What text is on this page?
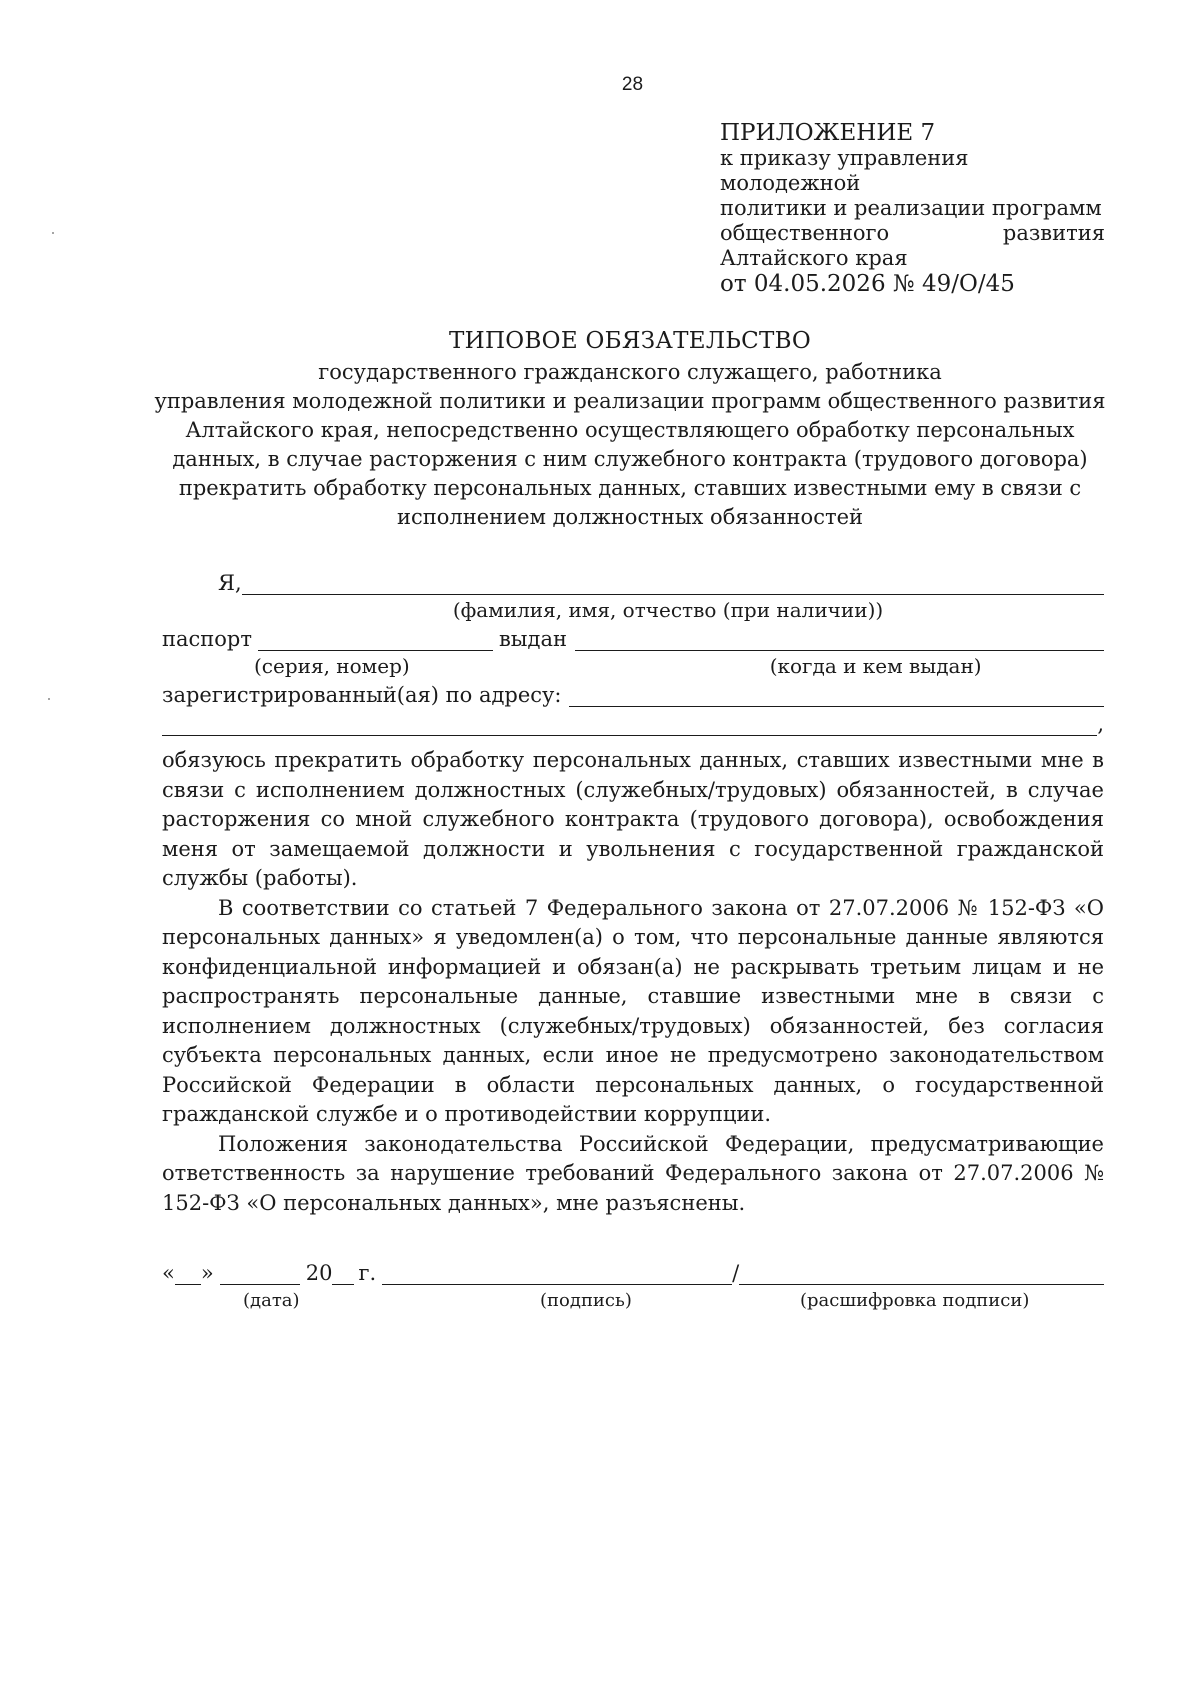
28
ПРИЛОЖЕНИЕ 7
к приказу управления молодежной
политики и реализации программ
общественного	развития
Алтайского края
от 04.05.2026 № 49/О/45
ТИПОВОЕ ОБЯЗАТЕЛЬСТВО
государственного гражданского служащего, работника
управления молодежной политики и реализации программ общественного развития
Алтайского края, непосредственно осуществляющего обработку персональных
данных, в случае расторжения с ним служебного контракта (трудового договора)
прекратить обработку персональных данных, ставших известными ему в связи с
исполнением должностных обязанностей
Я,
(фамилия, имя, отчество (при наличии))
паспорт	выдан
(серия, номер)	(когда и кем выдан)
зарегистрированный(ая) по адресу:
,

обязуюсь прекратить обработку персональных данных, ставших известными мне в связи с исполнением должностных (служебных/трудовых) обязанностей, в случае расторжения со мной служебного контракта (трудового договора), освобождения меня от замещаемой должности и увольнения с государственной гражданской службы (работы).

В соответствии со статьей 7 Федерального закона от 27.07.2006 № 152-ФЗ «О персональных данных» я уведомлен(а) о том, что персональные данные являются конфиденциальной информацией и обязан(а) не раскрывать третьим лицам и не распространять персональные данные, ставшие известными мне в связи с исполнением должностных (служебных/трудовых) обязанностей, без согласия субъекта персональных данных, если иное не предусмотрено законодательством Российской Федерации в области персональных данных, о государственной гражданской службе и о противодействии коррупции.

Положения законодательства Российской Федерации, предусматривающие ответственность за нарушение требований Федерального закона от 27.07.2006 № 152-ФЗ «О персональных данных», мне разъяснены.

« »	20 г.	/
(дата)	(подпись)	(расшифровка подписи)
